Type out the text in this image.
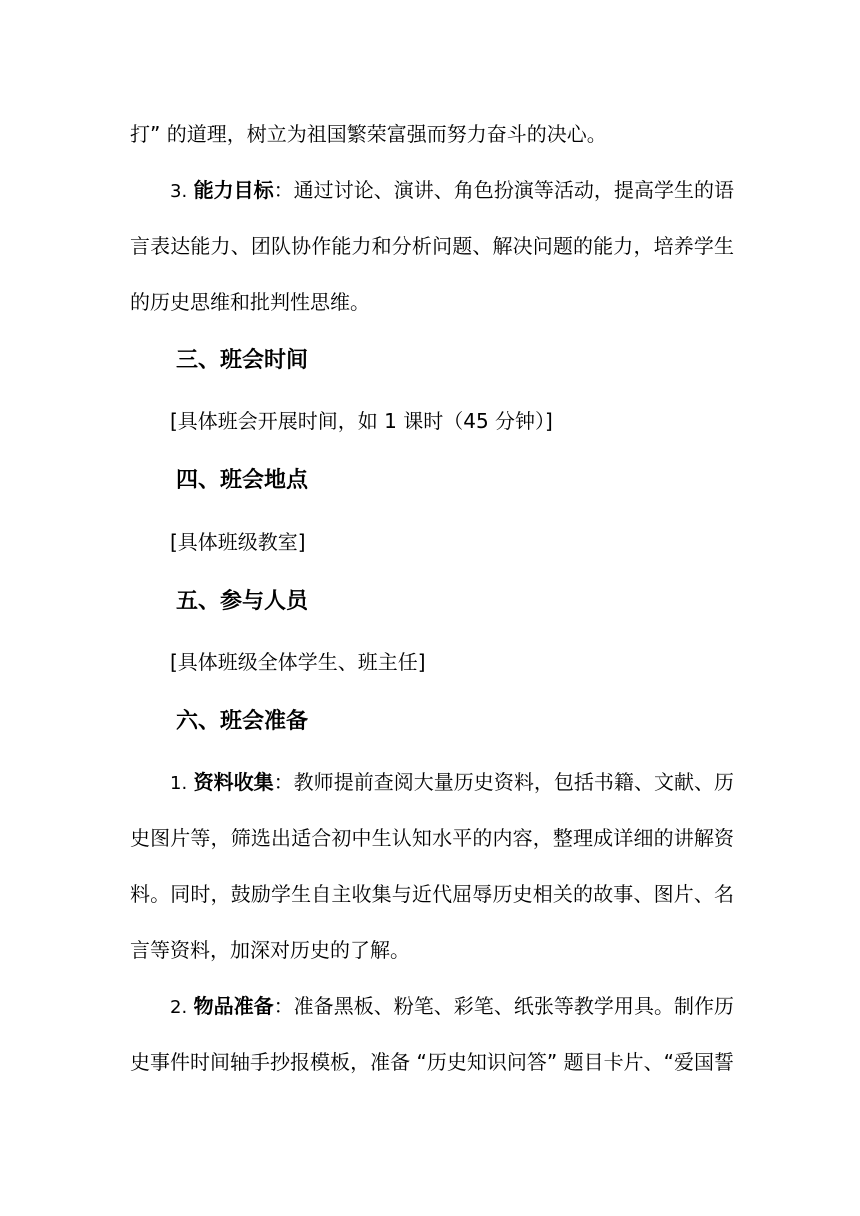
打” 的道理，树立为祖国繁荣富强而努力奋斗的决心。
3. 能力目标：通过讨论、演讲、角色扮演等活动，提高学生的语
言表达能力、团队协作能力和分析问题、解决问题的能力，培养学生
的历史思维和批判性思维。
三、班会时间
[具体班会开展时间，如 1 课时（45 分钟）]
四、班会地点
[具体班级教室]
五、参与人员
[具体班级全体学生、班主任]
六、班会准备
1. 资料收集：教师提前查阅大量历史资料，包括书籍、文献、历
史图片等，筛选出适合初中生认知水平的内容，整理成详细的讲解资
料。同时，鼓励学生自主收集与近代屈辱历史相关的故事、图片、名
言等资料，加深对历史的了解。
2. 物品准备：准备黑板、粉笔、彩笔、纸张等教学用具。制作历
史事件时间轴手抄报模板，准备 “历史知识问答” 题目卡片、“爱国誓
